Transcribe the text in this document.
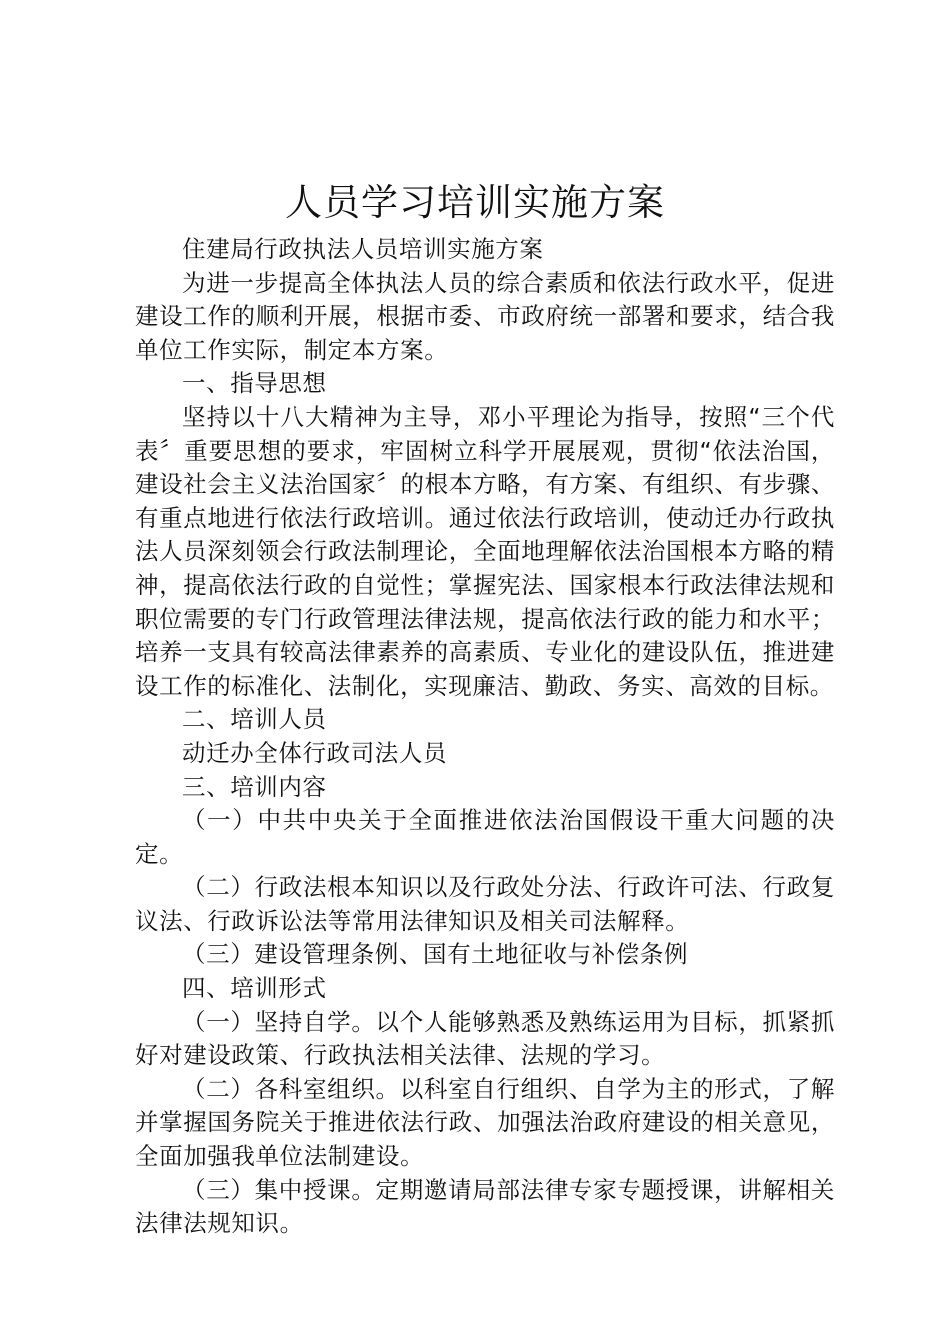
人员学习培训实施方案

住建局行政执法人员培训实施方案

为进一步提高全体执法人员的综合素质和依法行政水平，促进建设工作的顺利开展，根据市委、市政府统一部署和要求，结合我单位工作实际，制定本方案。

一、指导思想

坚持以十八大精神为主导，邓小平理论为指导，按照“三个代表〞重要思想的要求，牢固树立科学开展展观，贯彻“依法治国，建设社会主义法治国家〞的根本方略，有方案、有组织、有步骤、有重点地进行依法行政培训。通过依法行政培训，使动迁办行政执法人员深刻领会行政法制理论，全面地理解依法治国根本方略的精神，提高依法行政的自觉性；掌握宪法、国家根本行政法律法规和职位需要的专门行政管理法律法规，提高依法行政的能力和水平；培养一支具有较高法律素养的高素质、专业化的建设队伍，推进建设工作的标准化、法制化，实现廉洁、勤政、务实、高效的目标。

二、培训人员

动迁办全体行政司法人员

三、培训内容

（一）中共中央关于全面推进依法治国假设干重大问题的决定。

（二）行政法根本知识以及行政处分法、行政许可法、行政复议法、行政诉讼法等常用法律知识及相关司法解释。

（三）建设管理条例、国有土地征收与补偿条例

四、培训形式

（一）坚持自学。以个人能够熟悉及熟练运用为目标，抓紧抓好对建设政策、行政执法相关法律、法规的学习。

（二）各科室组织。以科室自行组织、自学为主的形式，了解并掌握国务院关于推进依法行政、加强法治政府建设的相关意见，全面加强我单位法制建设。

（三）集中授课。定期邀请局部法律专家专题授课，讲解相关法律法规知识。
